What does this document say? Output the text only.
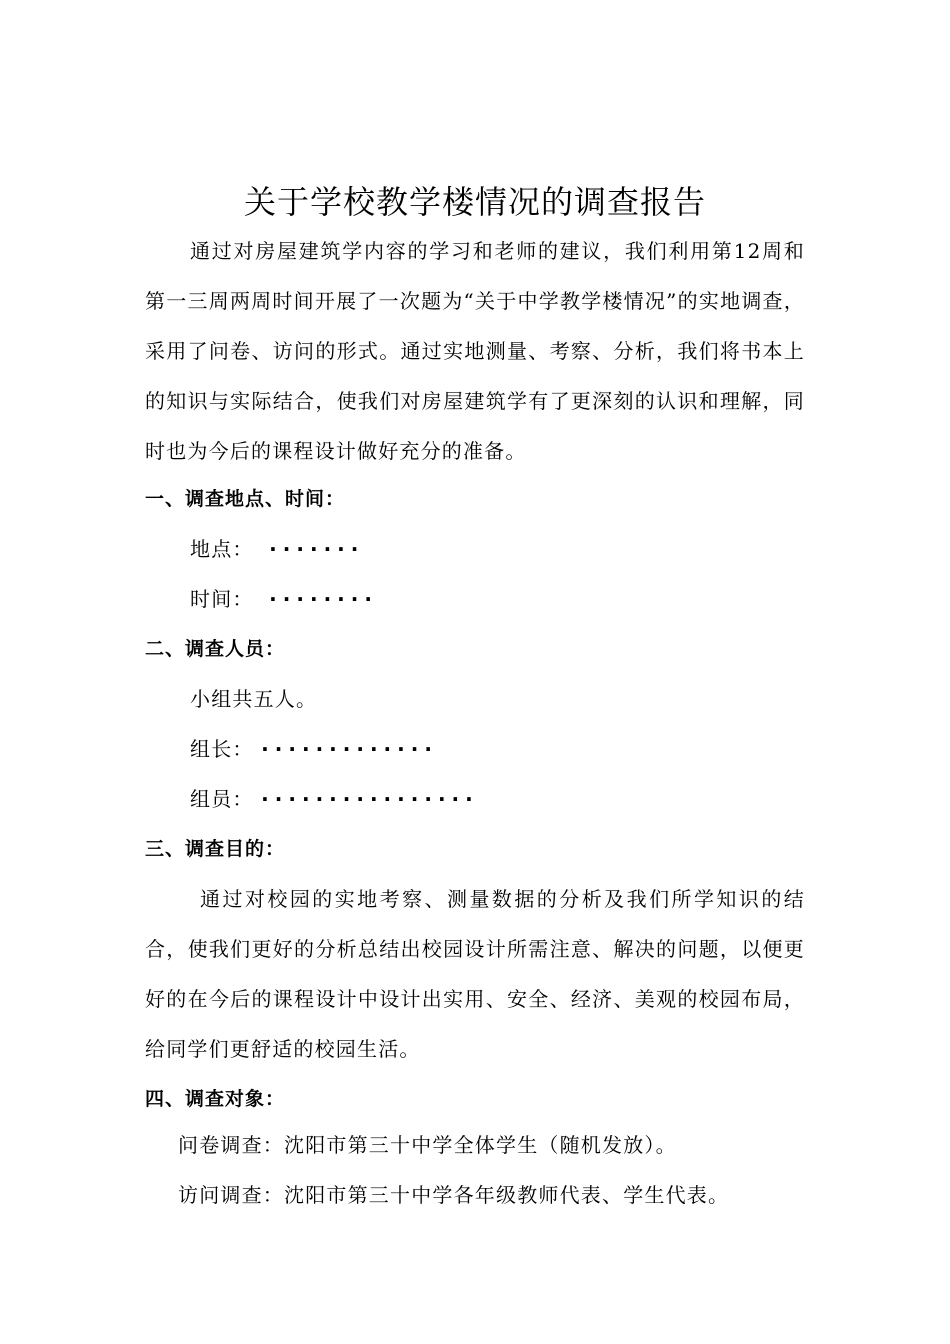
关于学校教学楼情况的调查报告
通过对房屋建筑学内容的学习和老师的建议，我们利用第12周和第一三周两周时间开展了一次题为“关于中学教学楼情况”的实地调查，采用了问卷、访问的形式。通过实地测量、考察、分析，我们将书本上的知识与实际结合，使我们对房屋建筑学有了更深刻的认识和理解，同时也为今后的课程设计做好充分的准备。
一、调查地点、时间：
地点： ·······
时间： ········
二、调查人员：
小组共五人。
组长： ·············
组员： ················
三、调查目的：
通过对校园的实地考察、测量数据的分析及我们所学知识的结合，使我们更好的分析总结出校园设计所需注意、解决的问题，以便更好的在今后的课程设计中设计出实用、安全、经济、美观的校园布局，给同学们更舒适的校园生活。
四、调查对象：
问卷调查：沈阳市第三十中学全体学生（随机发放）。
访问调查：沈阳市第三十中学各年级教师代表、学生代表。
